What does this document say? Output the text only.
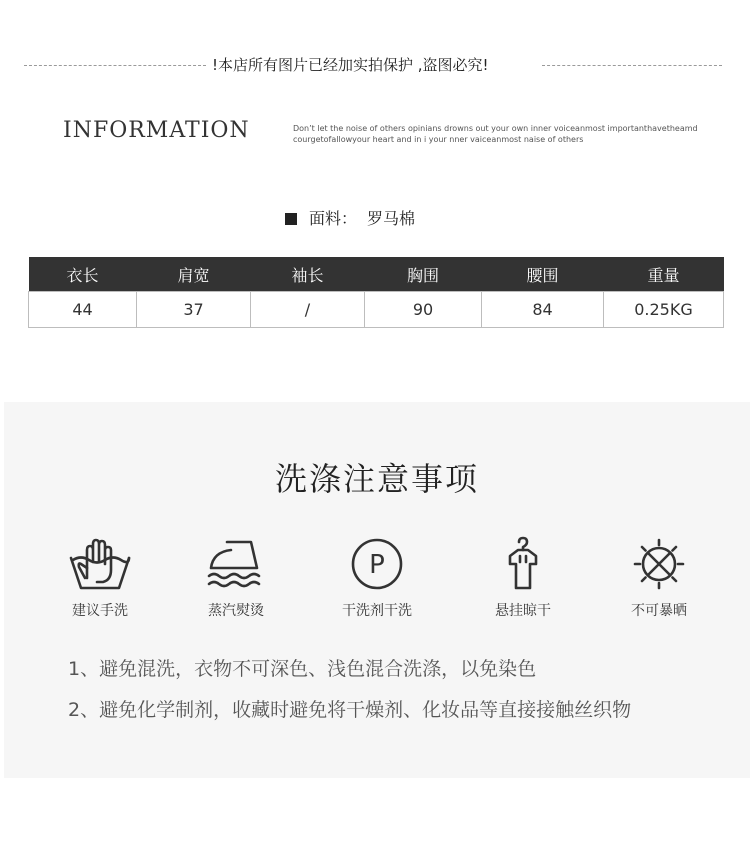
!本店所有图片已经加实拍保护 ,盗图必究!
INFORMATION	Don’t let the noise of others opinians drowns out your own inner voiceanmost importanthavetheamd
courgetofallowyour heart and in i your nner vaiceanmost naise of others
面料： 罗马棉
衣长	肩宽	袖长	胸围	腰围	重量
44	37	/	90	84	0.25KG
洗涤注意事项
建议手洗	蒸汽熨烫
P
干洗剂干洗	悬挂晾干	不可暴晒
1、避免混洗，衣物不可深色、浅色混合洗涤，以免染色
2、避免化学制剂，收藏时避免将干燥剂、化妆品等直接接触丝织物
